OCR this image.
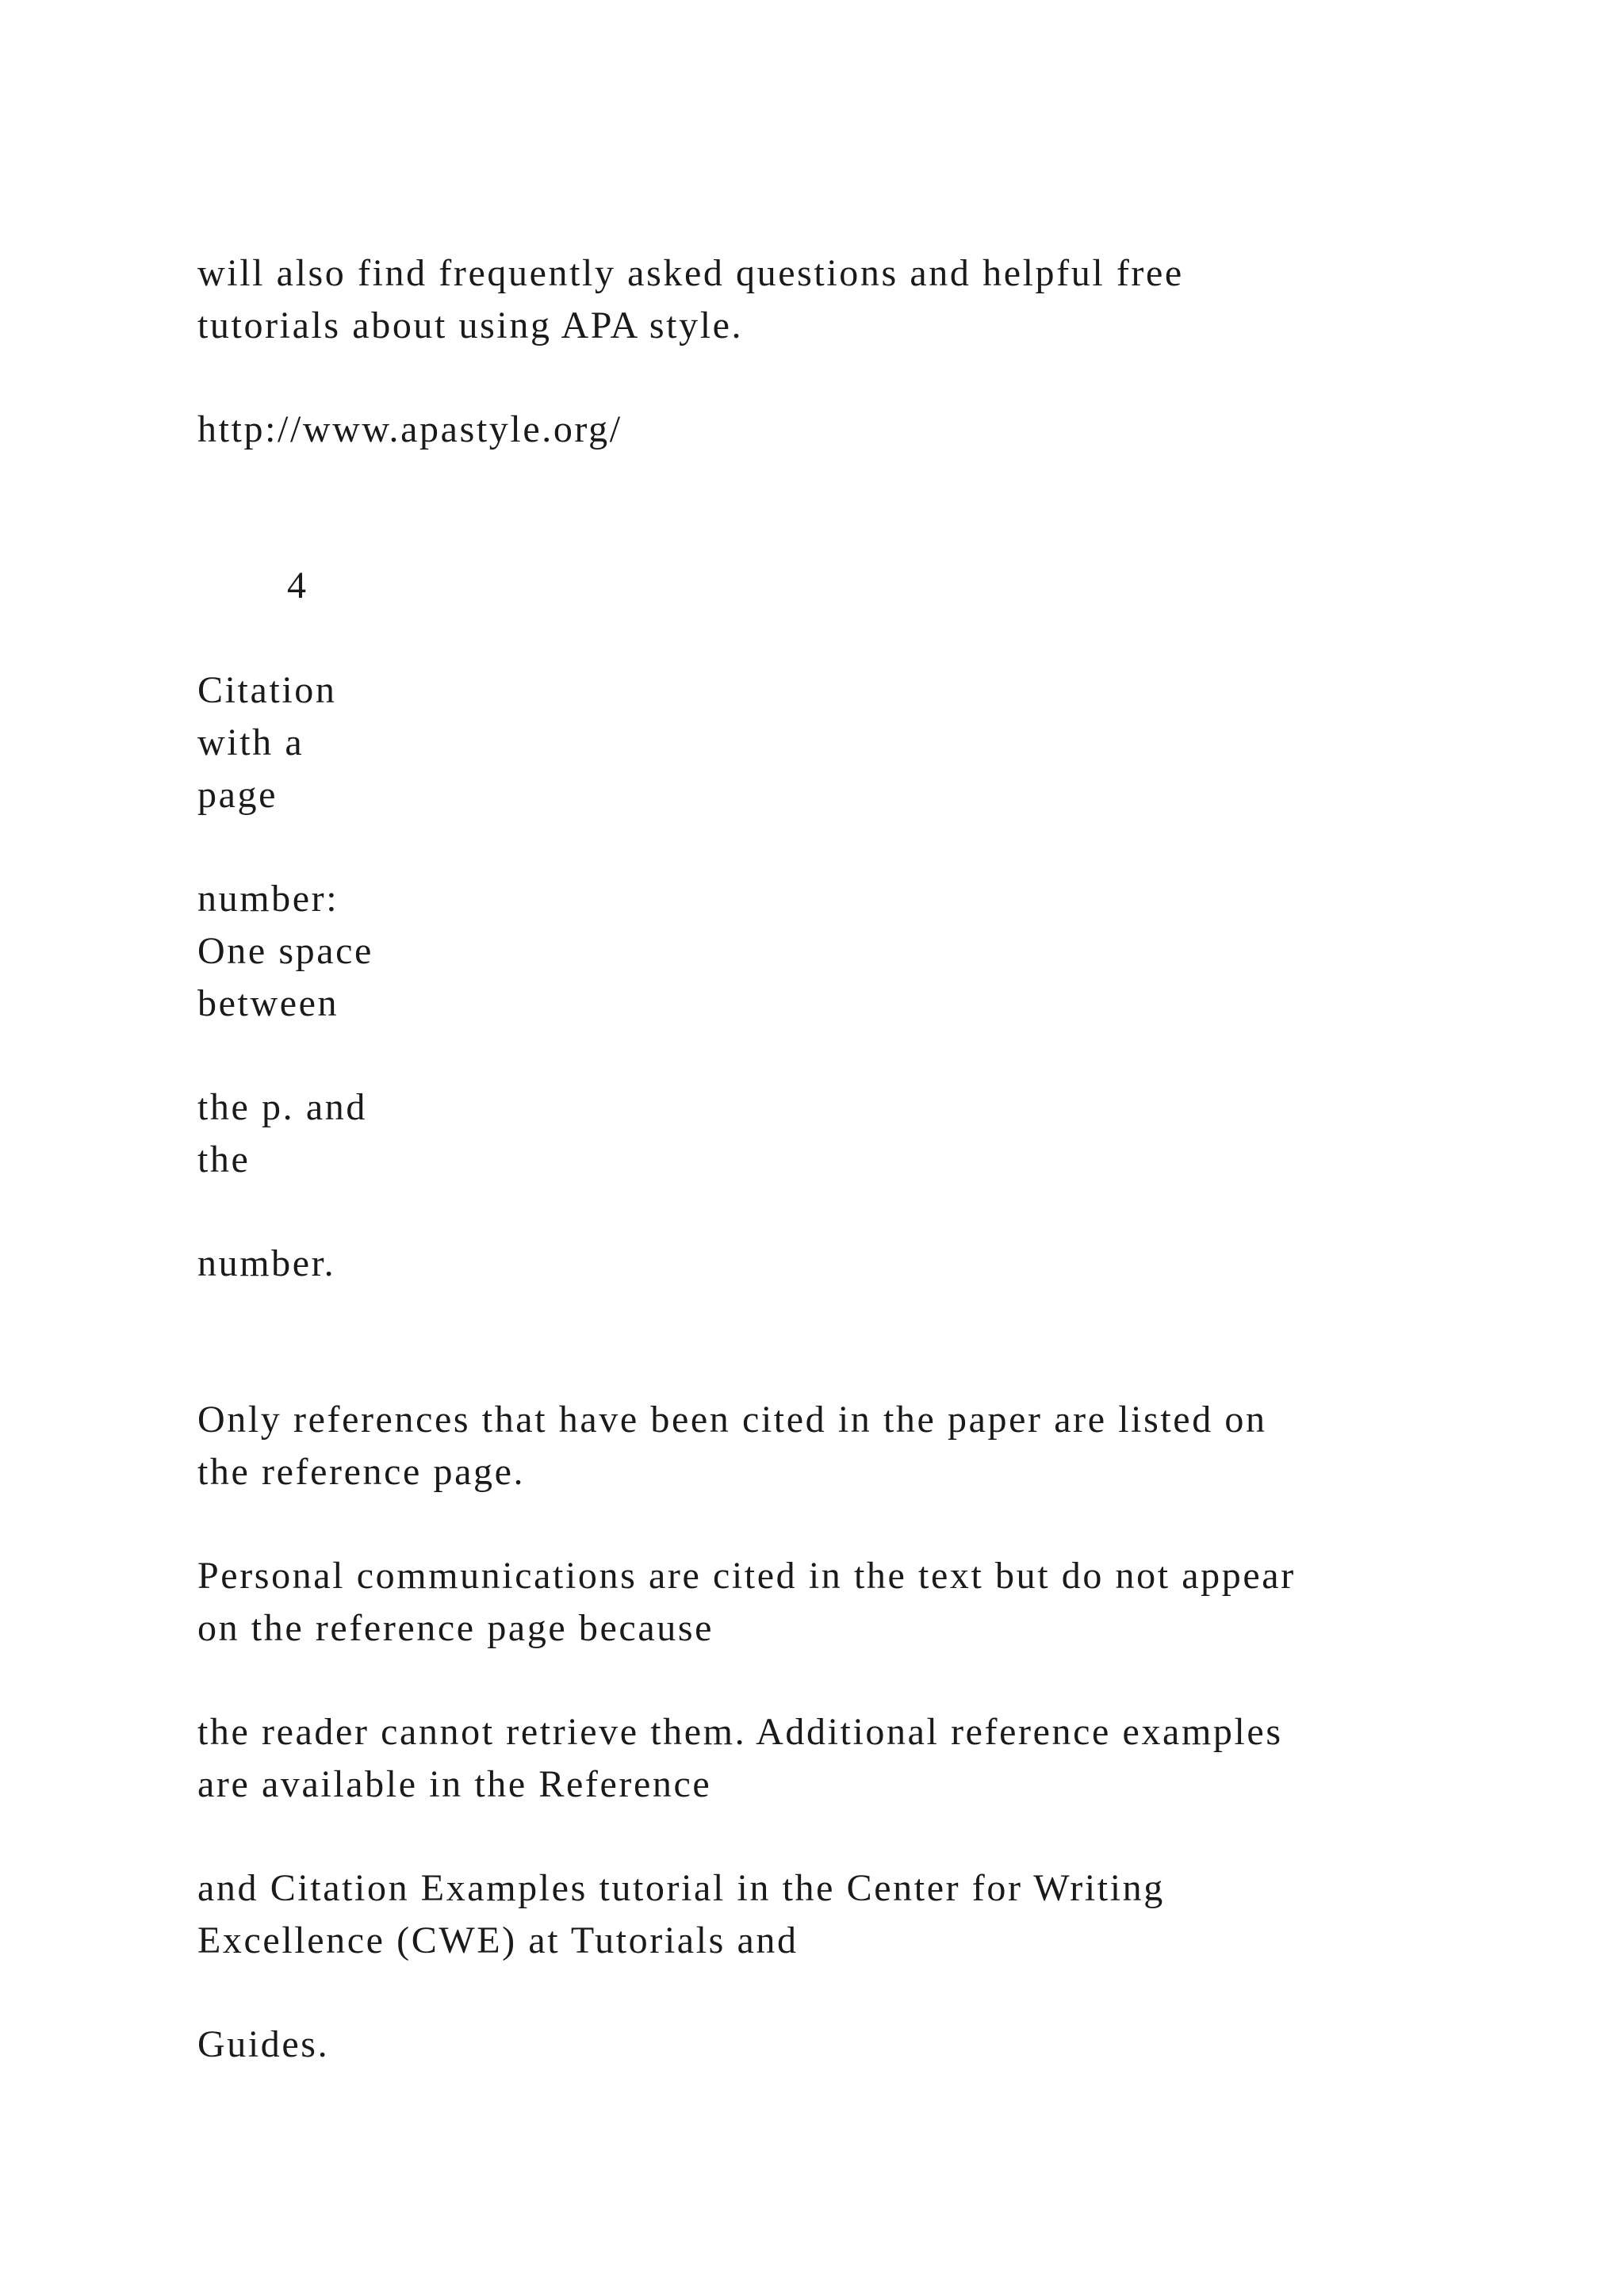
will also find frequently asked questions and helpful free

tutorials about using APA style.

http://www.apastyle.org/

4

Citation

with a

page

number:

One space

between

the p. and

the

number.

Only references that have been cited in the paper are listed on

the reference page.

Personal communications are cited in the text but do not appear

on the reference page because

the reader cannot retrieve them. Additional reference examples

are available in the Reference

and Citation Examples tutorial in the Center for Writing

Excellence (CWE) at Tutorials and

Guides.
